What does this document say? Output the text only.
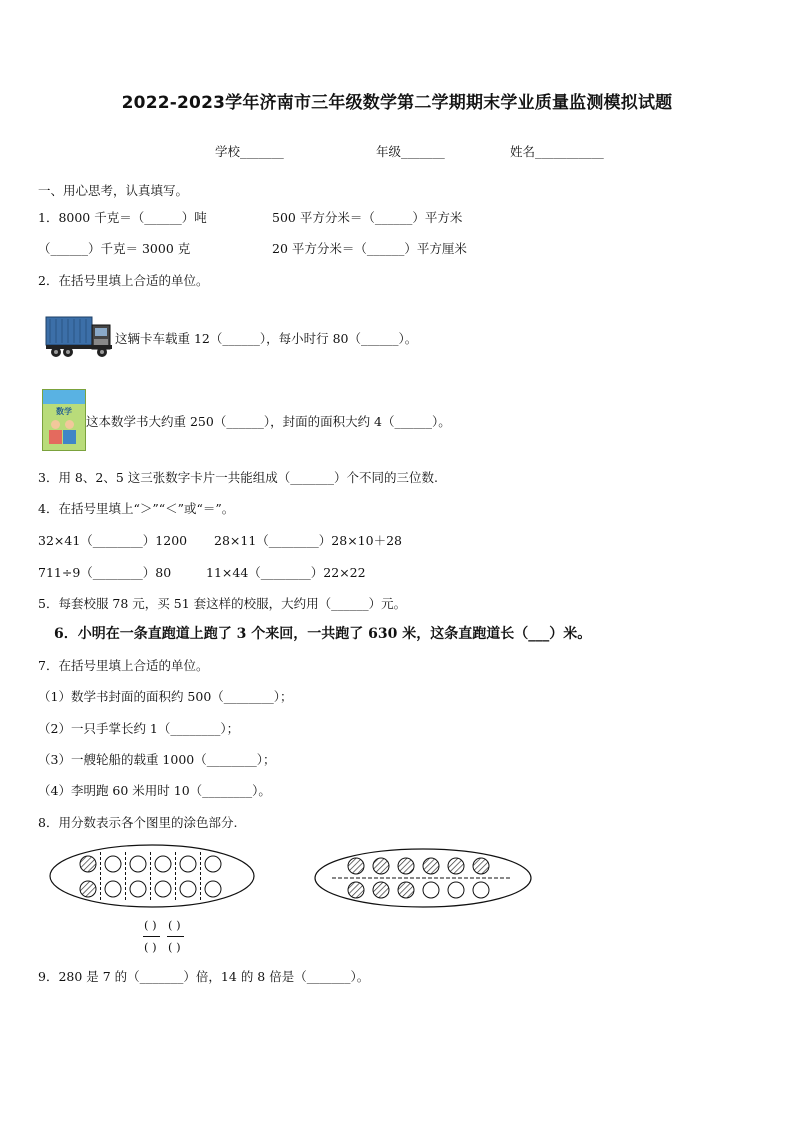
2022-2023学年济南市三年级数学第二学期期末学业质量监测模拟试题
学校_______	年级_______	姓名___________
一、用心思考，认真填写。
1．8000 千克＝（______）吨	500 平方分米＝（______）平方米
（______）千克＝ 3000 克	20 平方分米＝（______）平方厘米
2．在括号里填上合适的单位。
这辆卡车载重 12（______），每小时行 80（______）。
数学
这本数学书大约重 250（______），封面的面积大约 4（______）。
3．用 8、2、5 这三张数字卡片一共能组成（_______）个不同的三位数.
4．在括号里填上“＞”“＜”或“＝”。
32×41（________）1200 28×11（________）28×10＋28
711÷9（________）80	11×44（________）22×22
5．每套校服 78 元，买 51 套这样的校服，大约用（______）元。
6．小明在一条直跑道上跑了 3 个来回，一共跑了 630 米，这条直跑道长（___）米。
7．在括号里填上合适的单位。
（1）数学书封面的面积约 500（________）；
（2）一只手掌长约 1（________）；
（3）一艘轮船的载重 1000（________）；
（4）李明跑 60 米用时 10（________）。
8．用分数表示各个图里的涂色部分.
( ) ( )
( ) ( )
9．280 是 7 的（_______）倍，14 的 8 倍是（_______）。
